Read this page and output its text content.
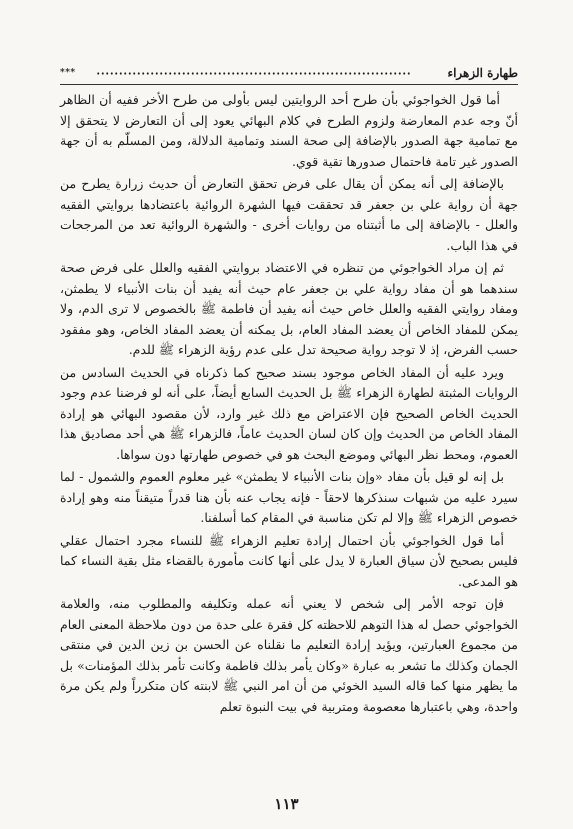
طهارة الزهراء
***

أما قول الخواجوئي بأن طرح أحد الروايتين ليس بأولى من طرح الأخر ففيه أن الظاهر أنّ وجه عدم المعارضة ولزوم الطرح في كلام البهائي يعود إلى أن التعارض لا يتحقق إلا مع تمامية جهة الصدور بالإضافة إلى صحة السند وتمامية الدلالة، ومن المسلّم به أن جهة الصدور غير تامة فاحتمال صدورها تقية قوي.

بالإضافة إلى أنه يمكن أن يقال على فرض تحقق التعارض أن حديث زرارة يطرح من جهة أن رواية علي بن جعفر قد تحققت فيها الشهرة الروائية باعتضادها بروايتي الفقيه والعلل - بالإضافة إلى ما أثبتناه من روايات أخرى - والشهرة الروائية تعد من المرجحات في هذا الباب.

ثم إن مراد الخواجوئي من تنظره في الاعتضاد بروايتي الفقيه والعلل على فرض صحة سندهما هو أن مفاد رواية علي بن جعفر عام حيث أنه يفيد أن بنات الأنبياء لا يطمثن، ومفاد روايتي الفقيه والعلل خاص حيث أنه يفيد أن فاطمة ﷺ بالخصوص لا ترى الدم، ولا يمكن للمفاد الخاص أن يعضد المفاد العام، بل يمكنه أن يعضد المفاد الخاص، وهو مفقود حسب الفرض، إذ لا توجد رواية صحيحة تدل على عدم رؤية الزهراء ﷺ للدم.

ويرد عليه أن المفاد الخاص موجود بسند صحيح كما ذكرناه في الحديث السادس من الروايات المثبتة لطهارة الزهراء ﷺ بل الحديث السابع أيضاً، على أنه لو فرضنا عدم وجود الحديث الخاص الصحيح فإن الاعتراض مع ذلك غير وارد، لأن مقصود البهائي هو إرادة المفاد الخاص من الحديث وإن كان لسان الحديث عاماً، فالزهراء ﷺ هي أحد مصاديق هذا العموم، ومحط نظر البهائي وموضع البحث هو في خصوص طهارتها دون سواها.

بل إنه لو قيل بأن مفاد «وإن بنات الأنبياء لا يطمثن» غير معلوم العموم والشمول - لما سيرد عليه من شبهات سنذكرها لاحقاً - فإنه يجاب عنه بأن هنا قدراً متيقناً منه وهو إرادة خصوص الزهراء ﷺ وإلا لم تكن مناسبة في المقام كما أسلفنا.

أما قول الخواجوئي بأن احتمال إرادة تعليم الزهراء ﷺ للنساء مجرد احتمال عقلي فليس بصحيح لأن سياق العبارة لا يدل على أنها كانت مأمورة بالقضاء مثل بقية النساء كما هو المدعى.

فإن توجه الأمر إلى شخص لا يعني أنه عمله وتكليفه والمطلوب منه، والعلامة الخواجوئي حصل له هذا التوهم للاحظته كل فقرة على حدة من دون ملاحظة المعنى العام من مجموع العبارتين، ويؤيد إرادة التعليم ما نقلناه عن الحسن بن زين الدين في منتقى الجمان وكذلك ما تشعر به عبارة «وكان يأمر بذلك فاطمة وكانت تأمر بذلك المؤمنات» بل ما يظهر منها كما قاله السيد الخوئي من أن امر النبي ﷺ لابنته كان متكرراً ولم يكن مرة واحدة، وهي باعتبارها معصومة ومتربية في بيت النبوة تعلم

١١٣
